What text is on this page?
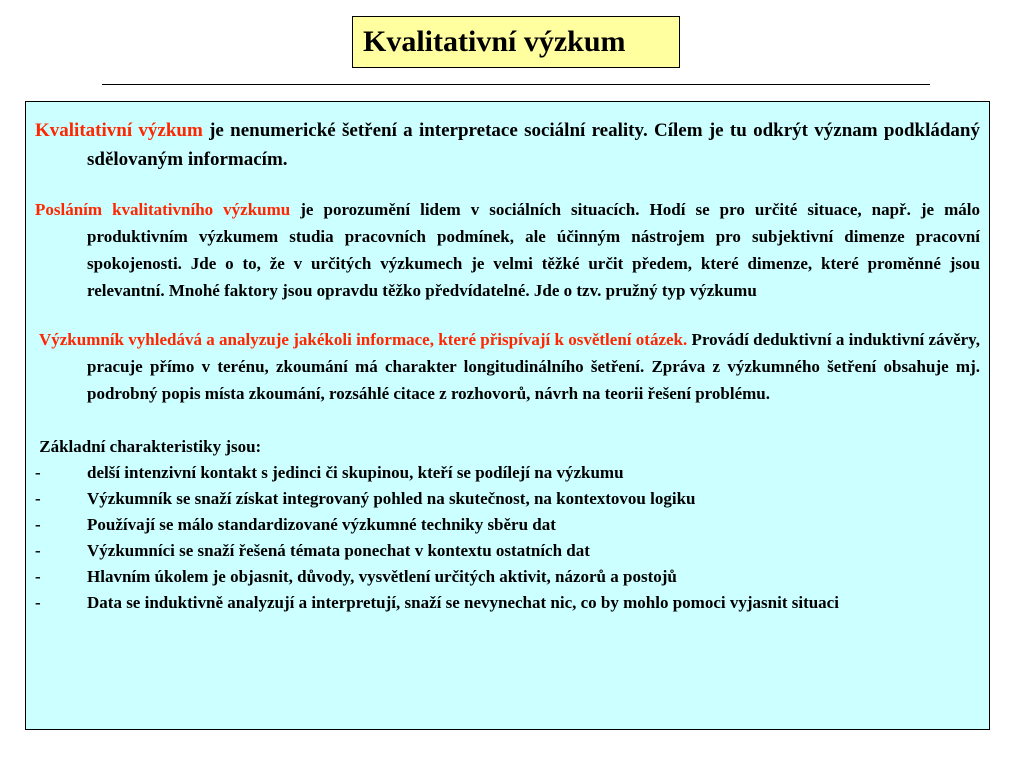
Kvalitativní výzkum

Kvalitativní výzkum je nenumerické šetření a interpretace sociální reality. Cílem je tu odkrýt význam podkládaný sdělovaným informacím.

Posláním kvalitativního výzkumu je porozumění lidem v sociálních situacích. Hodí se pro určité situace, např. je málo produktivním výzkumem studia pracovních podmínek, ale účinným nástrojem pro subjektivní dimenze pracovní spokojenosti. Jde o to, že v určitých výzkumech je velmi těžké určit předem, které dimenze, které proměnné jsou relevantní. Mnohé faktory jsou opravdu těžko předvídatelné. Jde o tzv. pružný typ výzkumu

Výzkumník vyhledává a analyzuje jakékoli informace, které přispívají k osvětlení otázek. Provádí deduktivní a induktivní závěry, pracuje přímo v terénu, zkoumání má charakter longitudinálního šetření. Zpráva z výzkumného šetření obsahuje mj. podrobný popis místa zkoumání, rozsáhlé citace z rozhovorů, návrh na teorii řešení problému.

Základní charakteristiky jsou:

-	delší intenzivní kontakt s jedinci či skupinou, kteří se podílejí na výzkumu
-	Výzkumník se snaží získat integrovaný pohled na skutečnost, na kontextovou logiku
-	Používají se málo standardizované výzkumné techniky sběru dat
-	Výzkumníci se snaží řešená témata ponechat v kontextu ostatních dat
-	Hlavním úkolem je objasnit, důvody, vysvětlení určitých aktivit, názorů a postojů
-	Data se induktivně analyzují a interpretují, snaží se nevynechat nic, co by mohlo pomoci vyjasnit situaci
